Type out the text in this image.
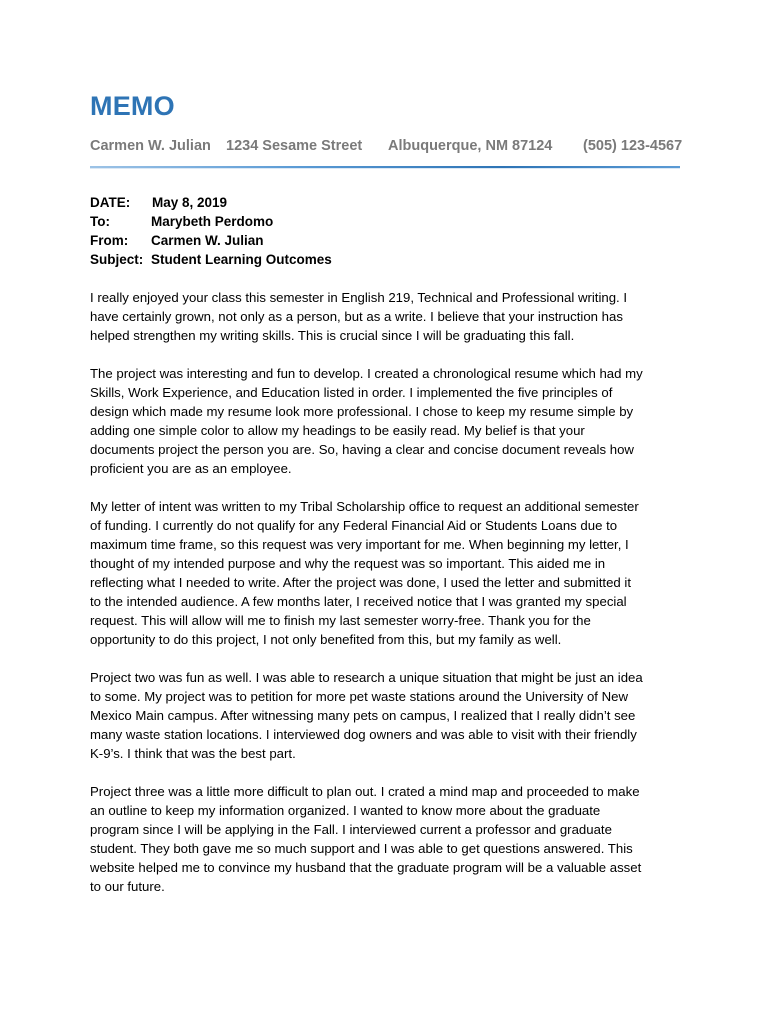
MEMO
Carmen W. Julian 1234 Sesame Street Albuquerque, NM 87124 (505) 123-4567
DATE: May 8, 2019
To:	Marybeth Perdomo
From: Carmen W. Julian
Subject: Student Learning Outcomes

I really enjoyed your class this semester in English 219, Technical and Professional writing. I
have certainly grown, not only as a person, but as a write. I believe that your instruction has
helped strengthen my writing skills. This is crucial since I will be graduating this fall.

The project was interesting and fun to develop. I created a chronological resume which had my
Skills, Work Experience, and Education listed in order. I implemented the five principles of
design which made my resume look more professional. I chose to keep my resume simple by
adding one simple color to allow my headings to be easily read. My belief is that your
documents project the person you are. So, having a clear and concise document reveals how
proficient you are as an employee.

My letter of intent was written to my Tribal Scholarship office to request an additional semester
of funding. I currently do not qualify for any Federal Financial Aid or Students Loans due to
maximum time frame, so this request was very important for me. When beginning my letter, I
thought of my intended purpose and why the request was so important. This aided me in
reflecting what I needed to write. After the project was done, I used the letter and submitted it
to the intended audience. A few months later, I received notice that I was granted my special
request. This will allow will me to finish my last semester worry-free. Thank you for the
opportunity to do this project, I not only benefited from this, but my family as well.

Project two was fun as well. I was able to research a unique situation that might be just an idea
to some. My project was to petition for more pet waste stations around the University of New
Mexico Main campus. After witnessing many pets on campus, I realized that I really didn’t see
many waste station locations. I interviewed dog owners and was able to visit with their friendly
K-9’s. I think that was the best part.

Project three was a little more difficult to plan out. I crated a mind map and proceeded to make
an outline to keep my information organized. I wanted to know more about the graduate
program since I will be applying in the Fall. I interviewed current a professor and graduate
student. They both gave me so much support and I was able to get questions answered. This
website helped me to convince my husband that the graduate program will be a valuable asset
to our future.
